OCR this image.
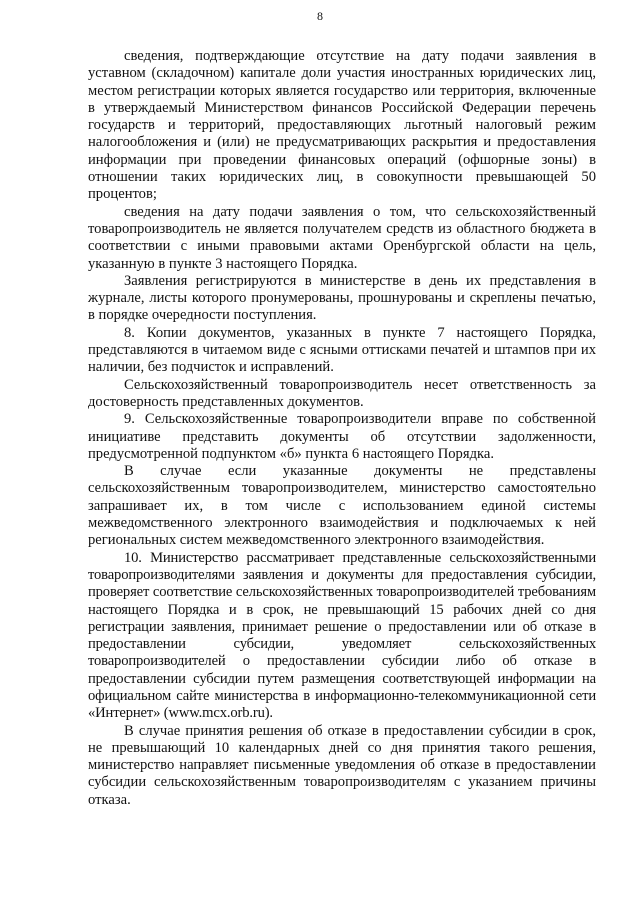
8

сведения, подтверждающие отсутствие на дату подачи заявления в уставном (складочном) капитале доли участия иностранных юридических лиц, местом регистрации которых является государство или территория, включенные в утверждаемый Министерством финансов Российской Федерации перечень государств и территорий, предоставляющих льготный налоговый режим налогообложения и (или) не предусматривающих раскрытия и предоставления информации при проведении финансовых операций (офшорные зоны) в отношении таких юридических лиц, в совокупности превышающей 50 процентов;

сведения на дату подачи заявления о том, что сельскохозяйственный товаропроизводитель не является получателем средств из областного бюджета в соответствии с иными правовыми актами Оренбургской области на цель, указанную в пункте 3 настоящего Порядка.

Заявления регистрируются в министерстве в день их представления в журнале, листы которого пронумерованы, прошнурованы и скреплены печатью, в порядке очередности поступления.

8. Копии документов, указанных в пункте 7 настоящего Порядка, представляются в читаемом виде с ясными оттисками печатей и штампов при их наличии, без подчисток и исправлений.

Сельскохозяйственный товаропроизводитель несет ответственность за достоверность представленных документов.

9. Сельскохозяйственные товаропроизводители вправе по собственной инициативе представить документы об отсутствии задолженности, предусмотренной подпунктом «б» пункта 6 настоящего Порядка.

В случае если указанные документы не представлены сельскохозяйственным товаропроизводителем, министерство самостоятельно запрашивает их, в том числе с использованием единой системы межведомственного электронного взаимодействия и подключаемых к ней региональных систем межведомственного электронного взаимодействия.

10. Министерство рассматривает представленные сельскохозяйственными товаропроизводителями заявления и документы для предоставления субсидии, проверяет соответствие сельскохозяйственных товаропроизводителей требованиям настоящего Порядка и в срок, не превышающий 15 рабочих дней со дня регистрации заявления, принимает решение о предоставлении или об отказе в предоставлении субсидии, уведомляет сельскохозяйственных товаропроизводителей о предоставлении субсидии либо об отказе в предоставлении субсидии путем размещения соответствующей информации на официальном сайте министерства в информационно-телекоммуникационной сети «Интернет» (www.mcx.orb.ru).

В случае принятия решения об отказе в предоставлении субсидии в срок, не превышающий 10 календарных дней со дня принятия такого решения, министерство направляет письменные уведомления об отказе в предоставлении субсидии сельскохозяйственным товаропроизводителям с указанием причины отказа.
